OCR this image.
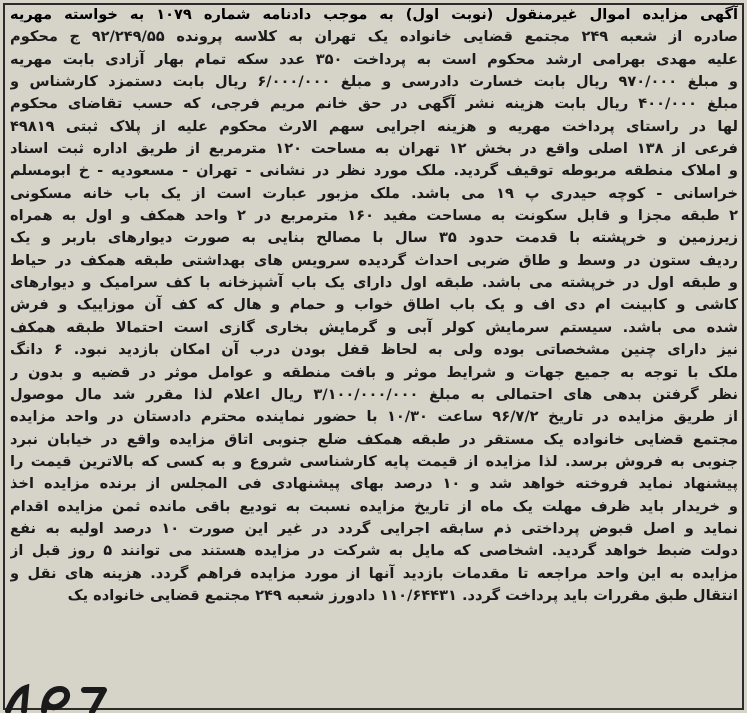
آگهی مزایده اموال غیرمنقول (نوبت اول) به موجب دادنامه شماره ۱۰۷۹ به خواسته مهریه
صادره از شعبه ۲۴۹ مجتمع قضایی خانواده یک تهران به کلاسه پرونده ۹۲/۲۴۹/۵۵ ج محکوم
علیه مهدی بهرامی ارشد محکوم است به پرداخت ۳۵۰ عدد سکه تمام بهار آزادی بابت مهریه
و مبلغ ۹۷۰/۰۰۰ ریال بابت خسارت دادرسی و مبلغ ۶/۰۰۰/۰۰۰ ریال بابت دستمزد کارشناس و
مبلغ ۴۰۰/۰۰۰ ریال بابت هزینه نشر آگهی در حق خانم مریم فرجی، که حسب تقاضای محکوم
لها در راستای پرداخت مهریه و هزینه اجرایی سهم الارث محکوم علیه از پلاک ثبتی ۴۹۸۱۹
فرعی از ۱۳۸ اصلی واقع در بخش ۱۲ تهران به مساحت ۱۲۰ مترمربع از طریق اداره ثبت اسناد
و املاک منطقه مربوطه توقیف گردید. ملک مورد نظر در نشانی - تهران - مسعودیه - خ ابومسلم
خراسانی - کوچه حیدری پ ۱۹ می باشد. ملک مزبور عبارت است از یک باب خانه مسکونی
۲ طبقه مجزا و قابل سکونت به مساحت مفید ۱۶۰ مترمربع در ۲ واحد همکف و اول به همراه
زیرزمین و خرپشته با قدمت حدود ۳۵ سال با مصالح بنایی به صورت دیوارهای باربر و یک
ردیف ستون در وسط و طاق ضربی احداث گردیده سرویس های بهداشتی طبقه همکف در حیاط
و طبقه اول در خرپشته می باشد. طبقه اول دارای یک باب آشپزخانه با کف سرامیک و دیوارهای
کاشی و کابینت ام دی اف و یک باب اطاق خواب و حمام و هال که کف آن موزاییک و فرش
شده می باشد. سیستم سرمایش کولر آبی و گرمایش بخاری گازی است احتمالا طبقه همکف
نیز دارای چنین مشخصاتی بوده ولی به لحاظ قفل بودن درب آن امکان بازدید نبود. ۶ دانگ
ملک با توجه به جمیع جهات و شرایط موثر و بافت منطقه و عوامل موثر در قضیه و بدون ر
نظر گرفتن بدهی های احتمالی به مبلغ ۳/۱۰۰/۰۰۰/۰۰۰ ریال اعلام لذا مقرر شد مال موصول
از طریق مزایده در تاریخ ۹۶/۷/۲ ساعت ۱۰/۳۰ با حضور نماینده محترم دادستان در واحد مزایده
مجتمع قضایی خانواده یک مستقر در طبقه همکف ضلع جنوبی اتاق مزایده واقع در خیابان نبرد
جنوبی به فروش برسد. لذا مزایده از قیمت پایه کارشناسی شروع و به کسی که بالاترین قیمت را
پیشنهاد نماید فروخته خواهد شد و ۱۰ درصد بهای پیشنهادی فی المجلس از برنده مزایده اخذ
و خریدار باید ظرف مهلت یک ماه از تاریخ مزایده نسبت به تودیع باقی مانده ثمن مزایده اقدام
نماید و اصل قبوض پرداختی ذم سابقه اجرایی گردد در غیر این صورت ۱۰ درصد اولیه به نفع
دولت ضبط خواهد گردید. اشخاصی که مایل به شرکت در مزایده هستند می توانند ۵ روز قبل از
مزایده به این واحد مراجعه تا مقدمات بازدید آنها از مورد مزایده فراهم گردد. هزینه های نقل و
انتقال طبق مقررات باید پرداخت گردد. ۱۱۰/۶۴۴۳۱ دادورز شعبه ۲۴۹ مجتمع قضایی خانواده یک
